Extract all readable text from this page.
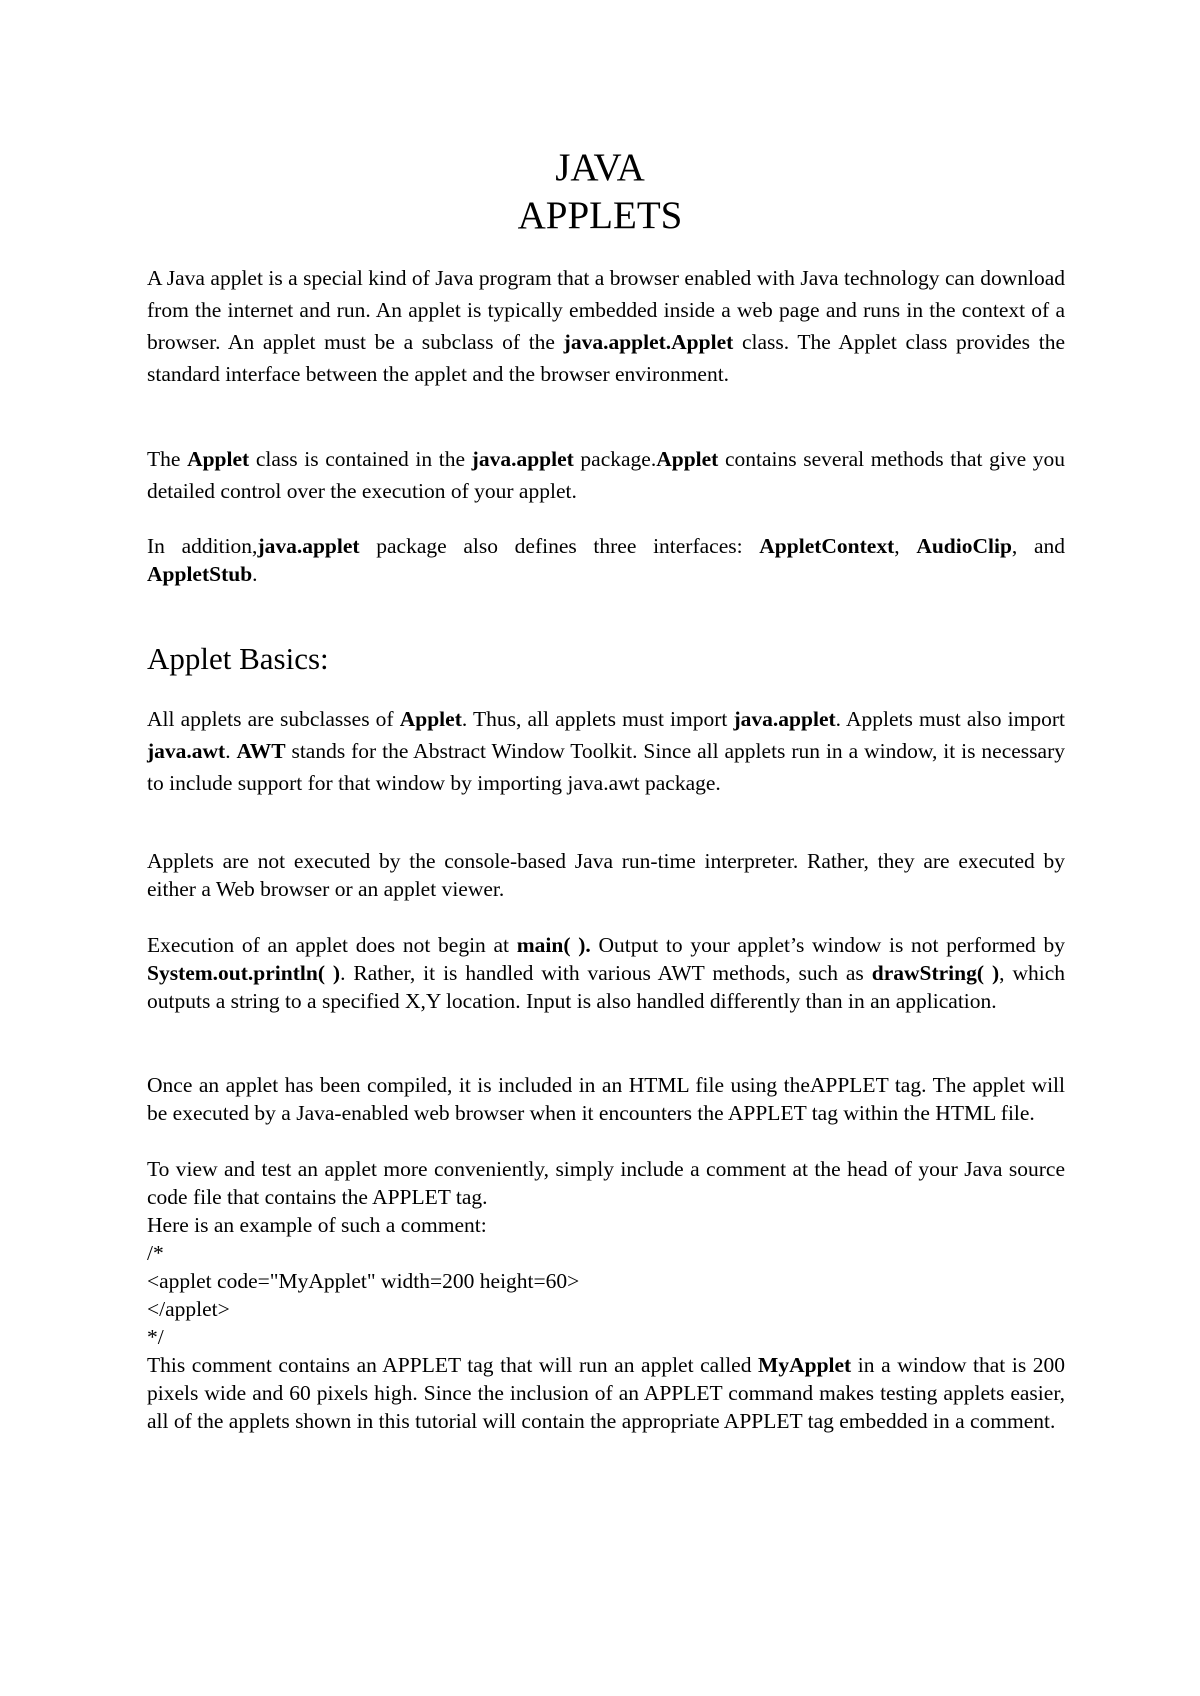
JAVA
APPLETS
A Java applet is a special kind of Java program that a browser enabled with Java technology can download from the internet and run. An applet is typically embedded inside a web page and runs in the context of a browser. An applet must be a subclass of the java.applet.Applet class. The Applet class provides the standard interface between the applet and the browser environment.
The Applet class is contained in the java.applet package.Applet contains several methods that give you detailed control over the execution of your applet.
In addition,java.applet package also defines three interfaces: AppletContext, AudioClip, and AppletStub.
Applet Basics:
All applets are subclasses of Applet. Thus, all applets must import java.applet. Applets must also import java.awt. AWT stands for the Abstract Window Toolkit. Since all applets run in a window, it is necessary to include support for that window by importing java.awt package.
Applets are not executed by the console-based Java run-time interpreter. Rather, they are executed by either a Web browser or an applet viewer.
Execution of an applet does not begin at main( ). Output to your applet’s window is not performed by System.out.println( ). Rather, it is handled with various AWT methods, such as drawString( ), which outputs a string to a specified X,Y location. Input is also handled differently than in an application.
Once an applet has been compiled, it is included in an HTML file using theAPPLET tag. The applet will be executed by a Java-enabled web browser when it encounters the APPLET tag within the HTML file.
To view and test an applet more conveniently, simply include a comment at the head of your Java source code file that contains the APPLET tag.
Here is an example of such a comment:
/*
<applet code="MyApplet" width=200 height=60>
</applet>
*/
This comment contains an APPLET tag that will run an applet called MyApplet in a window that is 200 pixels wide and 60 pixels high. Since the inclusion of an APPLET command makes testing applets easier, all of the applets shown in this tutorial will contain the appropriate APPLET tag embedded in a comment.
